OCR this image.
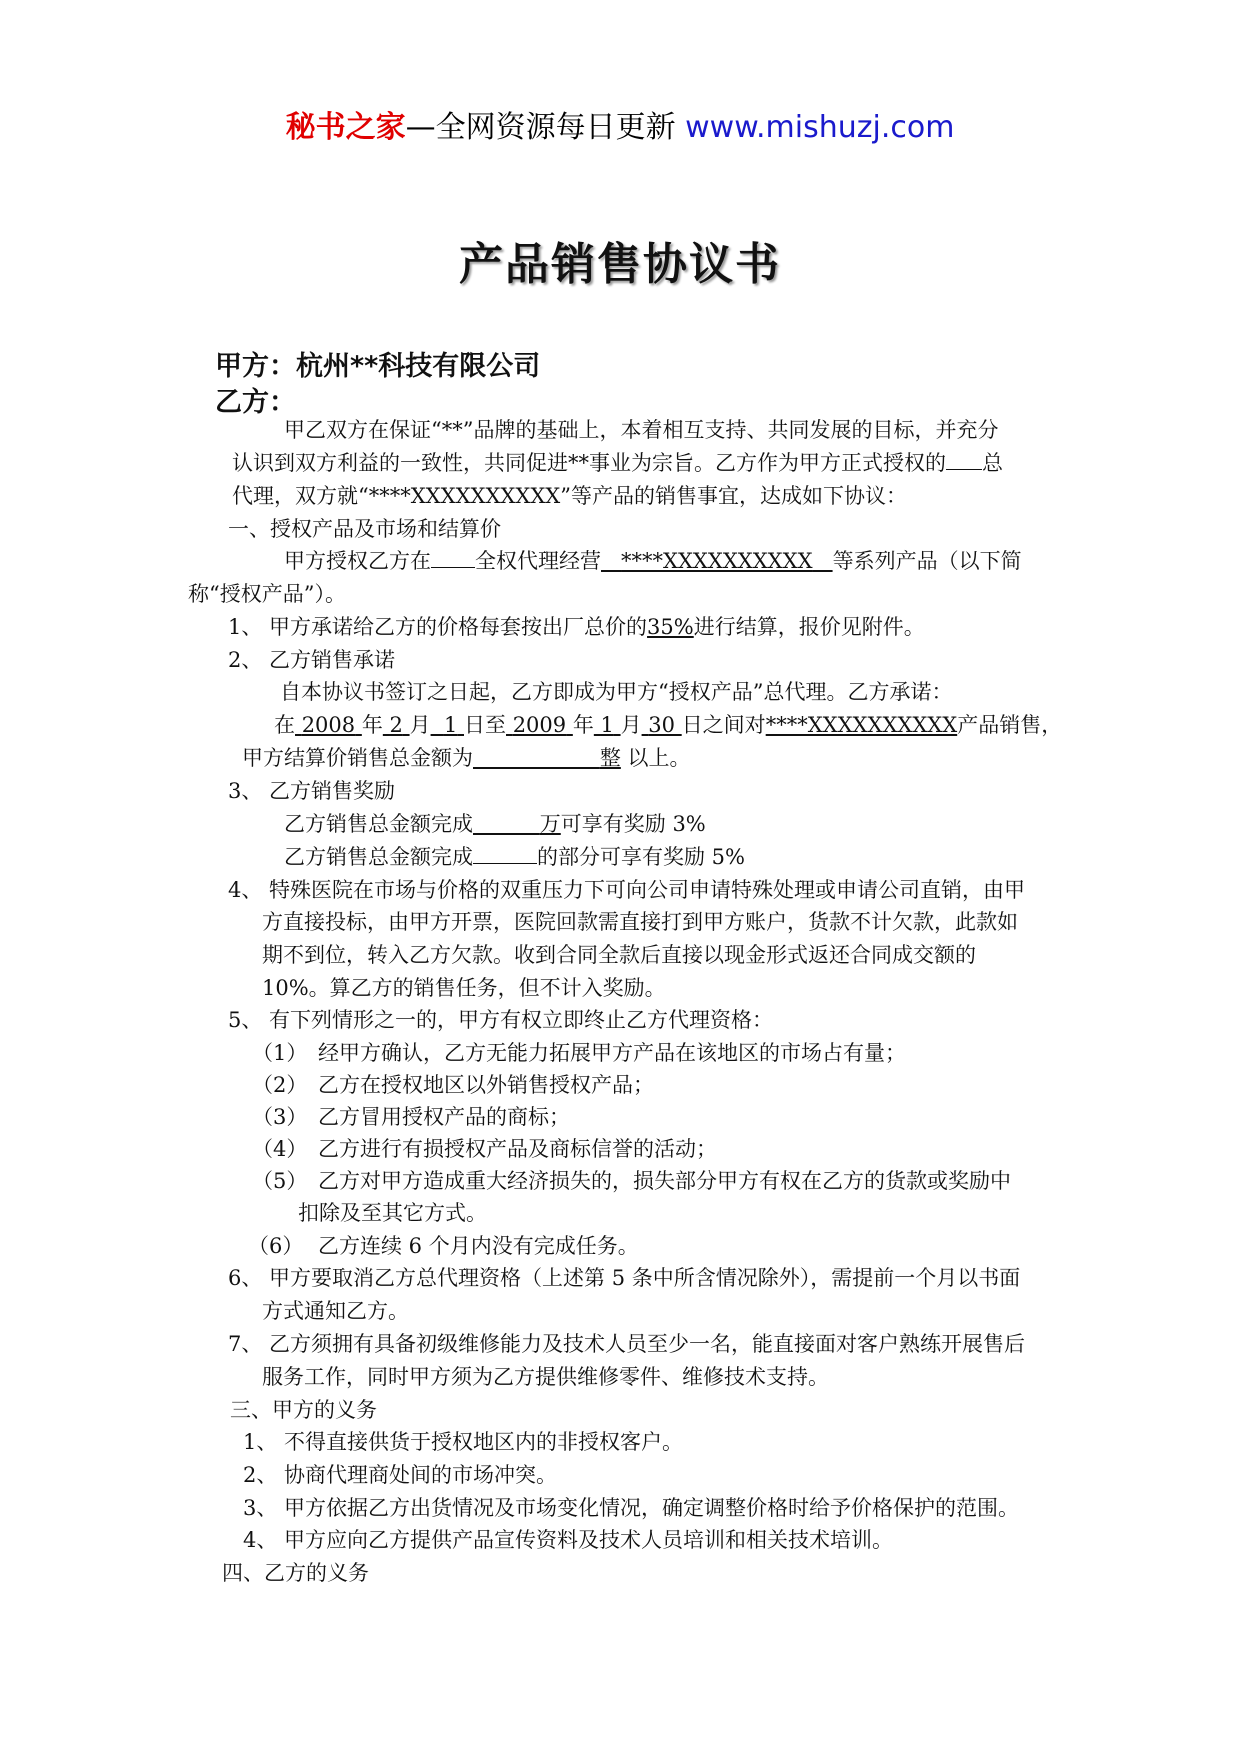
秘书之家—全网资源每日更新 www.mishuzj.com
产品销售协议书
甲方：杭州**科技有限公司
乙方：
甲乙双方在保证“**”品牌的基础上，本着相互支持、共同发展的目标，并充分
认识到双方利益的一致性，共同促进**事业为宗旨。乙方作为甲方正式授权的 总
代理，双方就“****XXXXXXXXXX”等产品的销售事宜，达成如下协议：
一、授权产品及市场和结算价
甲方授权乙方在 全权代理经营 ****XXXXXXXXXX 等系列产品（以下简
称“授权产品”）。
1、 甲方承诺给乙方的价格每套按出厂总价的35%进行结算，报价见附件。
2、 乙方销售承诺
自本协议书签订之日起，乙方即成为甲方“授权产品”总代理。乙方承诺：
在 2008 年 2 月 1 日至 2009 年 1 月 30 日之间对****XXXXXXXXXX产品销售，
甲方结算价销售总金额为	整 以上。
3、 乙方销售奖励
乙方销售总金额完成	万可享有奖励 3%
乙方销售总金额完成	的部分可享有奖励 5%
4、 特殊医院在市场与价格的双重压力下可向公司申请特殊处理或申请公司直销，由甲
方直接投标，由甲方开票，医院回款需直接打到甲方账户，货款不计欠款，此款如
期不到位，转入乙方欠款。收到合同全款后直接以现金形式返还合同成交额的
10%。算乙方的销售任务，但不计入奖励。
5、 有下列情形之一的，甲方有权立即终止乙方代理资格：
（1） 经甲方确认，乙方无能力拓展甲方产品在该地区的市场占有量；
（2） 乙方在授权地区以外销售授权产品；
（3） 乙方冒用授权产品的商标；
（4） 乙方进行有损授权产品及商标信誉的活动；
（5） 乙方对甲方造成重大经济损失的，损失部分甲方有权在乙方的货款或奖励中
扣除及至其它方式。
（6） 乙方连续 6 个月内没有完成任务。
6、 甲方要取消乙方总代理资格（上述第 5 条中所含情况除外），需提前一个月以书面
方式通知乙方。
7、 乙方须拥有具备初级维修能力及技术人员至少一名，能直接面对客户熟练开展售后
服务工作，同时甲方须为乙方提供维修零件、维修技术支持。
三、甲方的义务
1、 不得直接供货于授权地区内的非授权客户。
2、 协商代理商处间的市场冲突。
3、 甲方依据乙方出货情况及市场变化情况，确定调整价格时给予价格保护的范围。
4、 甲方应向乙方提供产品宣传资料及技术人员培训和相关技术培训。
四、乙方的义务
